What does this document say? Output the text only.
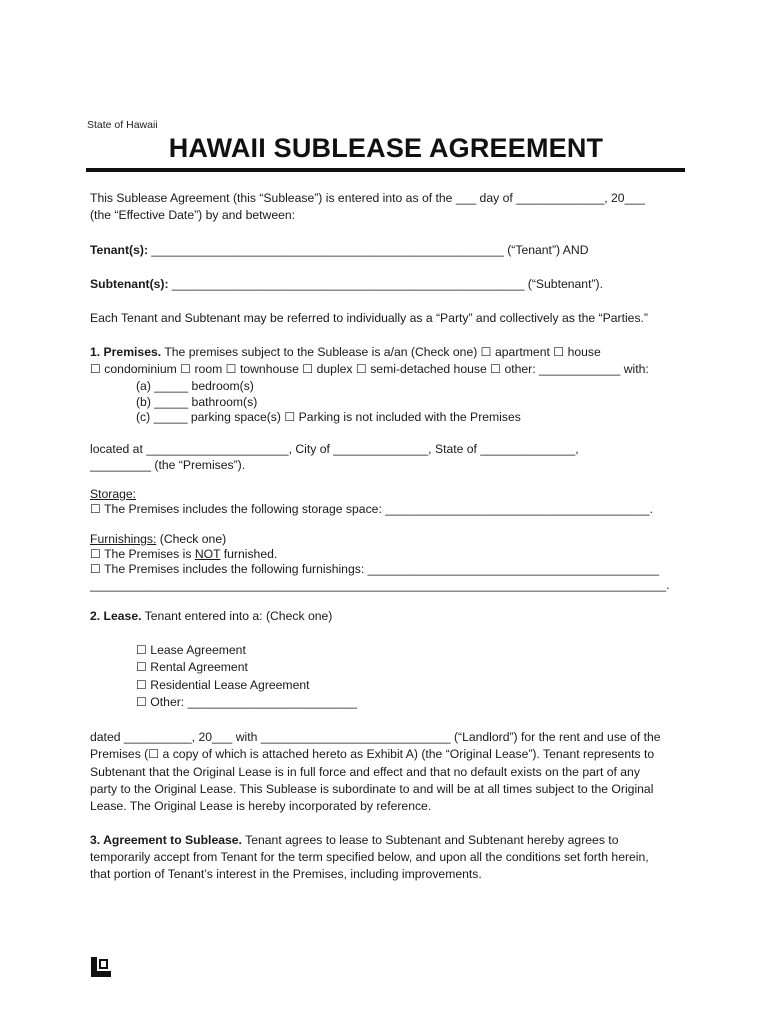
State of Hawaii
HAWAII SUBLEASE AGREEMENT
This Sublease Agreement (this “Sublease”) is entered into as of the ___ day of _____________, 20___
(the “Effective Date”) by and between:
Tenant(s): ____________________________________________________ (“Tenant”) AND
Subtenant(s): ____________________________________________________ (“Subtenant”).
Each Tenant and Subtenant may be referred to individually as a “Party” and collectively as the “Parties.”
1. Premises. The premises subject to the Sublease is a/an (Check one) ☐ apartment ☐ house
☐ condominium ☐ room ☐ townhouse ☐ duplex ☐ semi-detached house ☐ other: ____________ with:
(a) _____ bedroom(s)
(b) _____ bathroom(s)
(c) _____ parking space(s) ☐ Parking is not included with the Premises
located at _____________________, City of ______________, State of ______________,
_________ (the “Premises”).
Storage:
☐ The Premises includes the following storage space: _______________________________________.
Furnishings: (Check one)
☐ The Premises is NOT furnished.
☐ The Premises includes the following furnishings: ___________________________________________
_____________________________________________________________________________________.
2. Lease. Tenant entered into a: (Check one)
☐ Lease Agreement
☐ Rental Agreement
☐ Residential Lease Agreement
☐ Other: _________________________
dated __________, 20___ with ____________________________ (“Landlord”) for the rent and use of the
Premises (☐ a copy of which is attached hereto as Exhibit A) (the “Original Lease”). Tenant represents to
Subtenant that the Original Lease is in full force and effect and that no default exists on the part of any
party to the Original Lease. This Sublease is subordinate to and will be at all times subject to the Original
Lease. The Original Lease is hereby incorporated by reference.
3. Agreement to Sublease. Tenant agrees to lease to Subtenant and Subtenant hereby agrees to
temporarily accept from Tenant for the term specified below, and upon all the conditions set forth herein,
that portion of Tenant’s interest in the Premises, including improvements.
